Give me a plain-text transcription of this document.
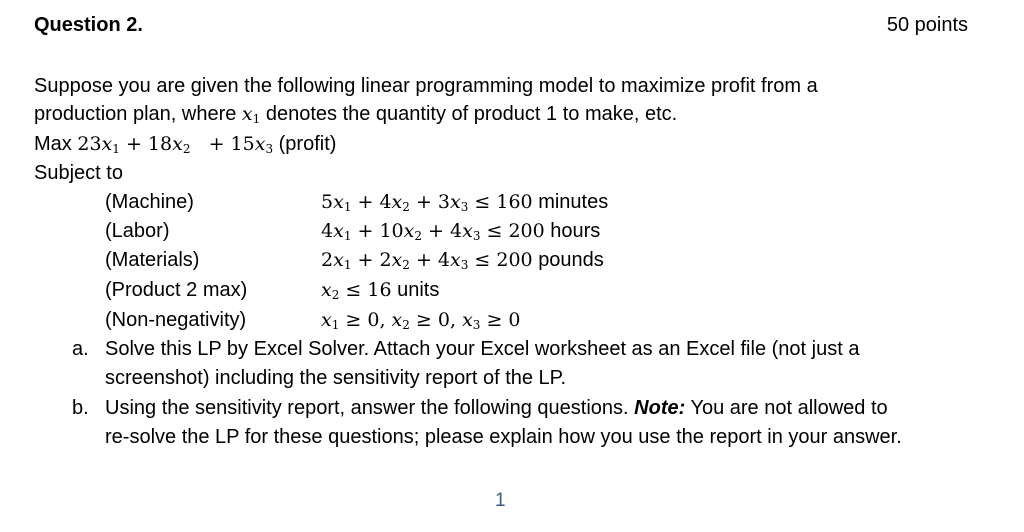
Question 2.	50 points
Suppose you are given the following linear programming model to maximize profit from a
production plan, where $x_1$ denotes the quantity of product 1 to make, etc.
Max $23x_1 + 18x_2 + 15x_3$ (profit)
Subject to
(Machine)	$5x_1 + 4x_2 + 3x_3 \le 160$ minutes
(Labor)	$4x_1 + 10x_2 + 4x_3 \le 200$ hours
(Materials)	$2x_1 + 2x_2 + 4x_3 \le 200$ pounds
(Product 2 max)	$x_2 \le 16$ units
(Non-negativity)	$x_1 \ge 0$, $x_2 \ge 0$, $x_3 \ge 0$
a. Solve this LP by Excel Solver. Attach your Excel worksheet as an Excel file (not just a
screenshot) including the sensitivity report of the LP.
b. Using the sensitivity report, answer the following questions. Note: You are not allowed to
re-solve the LP for these questions; please explain how you use the report in your answer.
1
